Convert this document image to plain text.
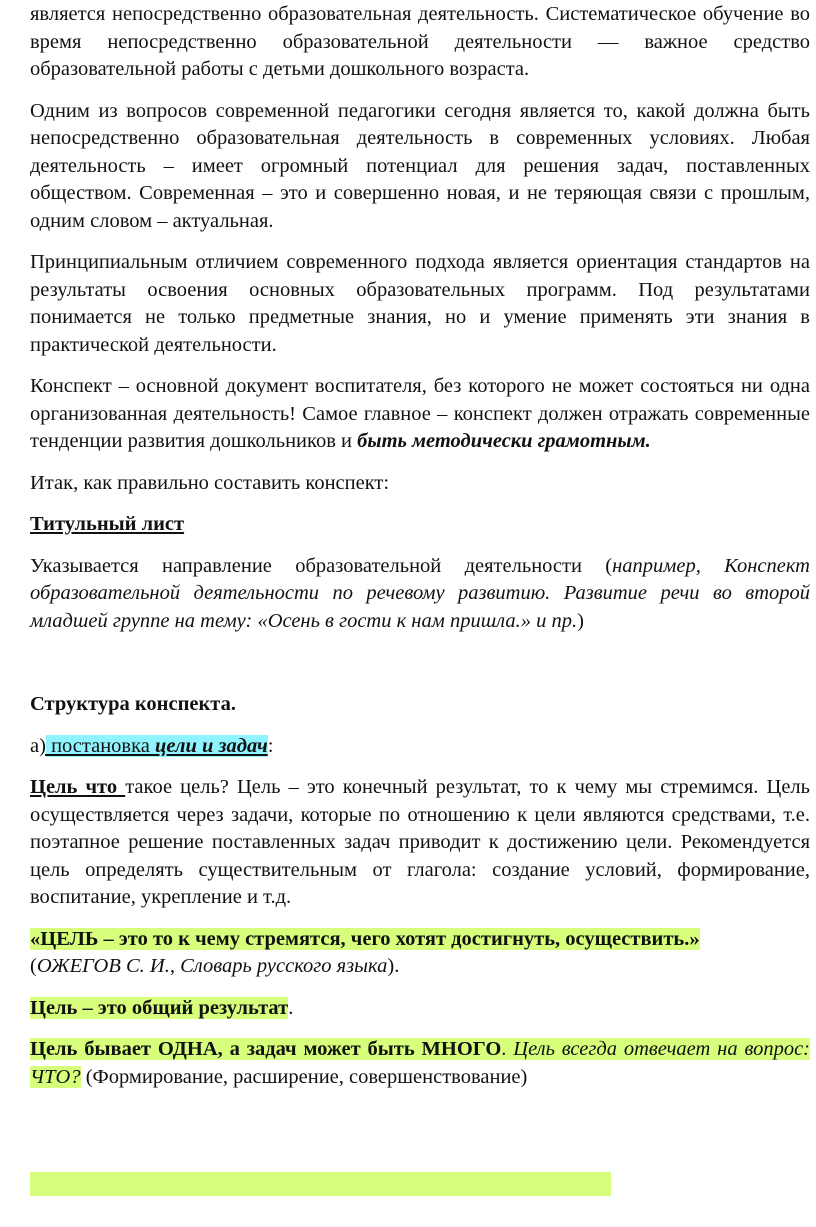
является непосредственно образовательная деятельность. Систематическое обучение во время непосредственно образовательной деятельности — важное средство образовательной работы с детьми дошкольного возраста.

Одним из вопросов современной педагогики сегодня является то, какой должна быть непосредственно образовательная деятельность в современных условиях. Любая деятельность – имеет огромный потенциал для решения задач, поставленных обществом. Современная – это и совершенно новая, и не теряющая связи с прошлым, одним словом – актуальная.

Принципиальным отличием современного подхода является ориентация стандартов на результаты освоения основных образовательных программ. Под результатами понимается не только предметные знания, но и умение применять эти знания в практической деятельности.

Конспект – основной документ воспитателя, без которого не может состояться ни одна организованная деятельность! Самое главное – конспект должен отражать современные тенденции развития дошкольников и быть методически грамотным.

Итак, как правильно составить конспект:

Титульный лист

Указывается направление образовательной деятельности (например, Конспект образовательной деятельности по речевому развитию. Развитие речи во второй младшей группе на тему: «Осень в гости к нам пришла.» и пр.)

Структура конспекта.

а) постановка цели и задач:

Цель что такое цель? Цель – это конечный результат, то к чему мы стремимся. Цель осуществляется через задачи, которые по отношению к цели являются средствами, т.е. поэтапное решение поставленных задач приводит к достижению цели. Рекомендуется цель определять существительным от глагола: создание условий, формирование, воспитание, укрепление и т.д.

«ЦЕЛЬ – это то к чему стремятся, чего хотят достигнуть, осуществить.»
(ОЖЕГОВ С. И., Словарь русского языка).

Цель – это общий результат.

Цель бывает ОДНА, а задач может быть МНОГО. Цель всегда отвечает на вопрос: ЧТО? (Формирование, расширение, совершенствование)
